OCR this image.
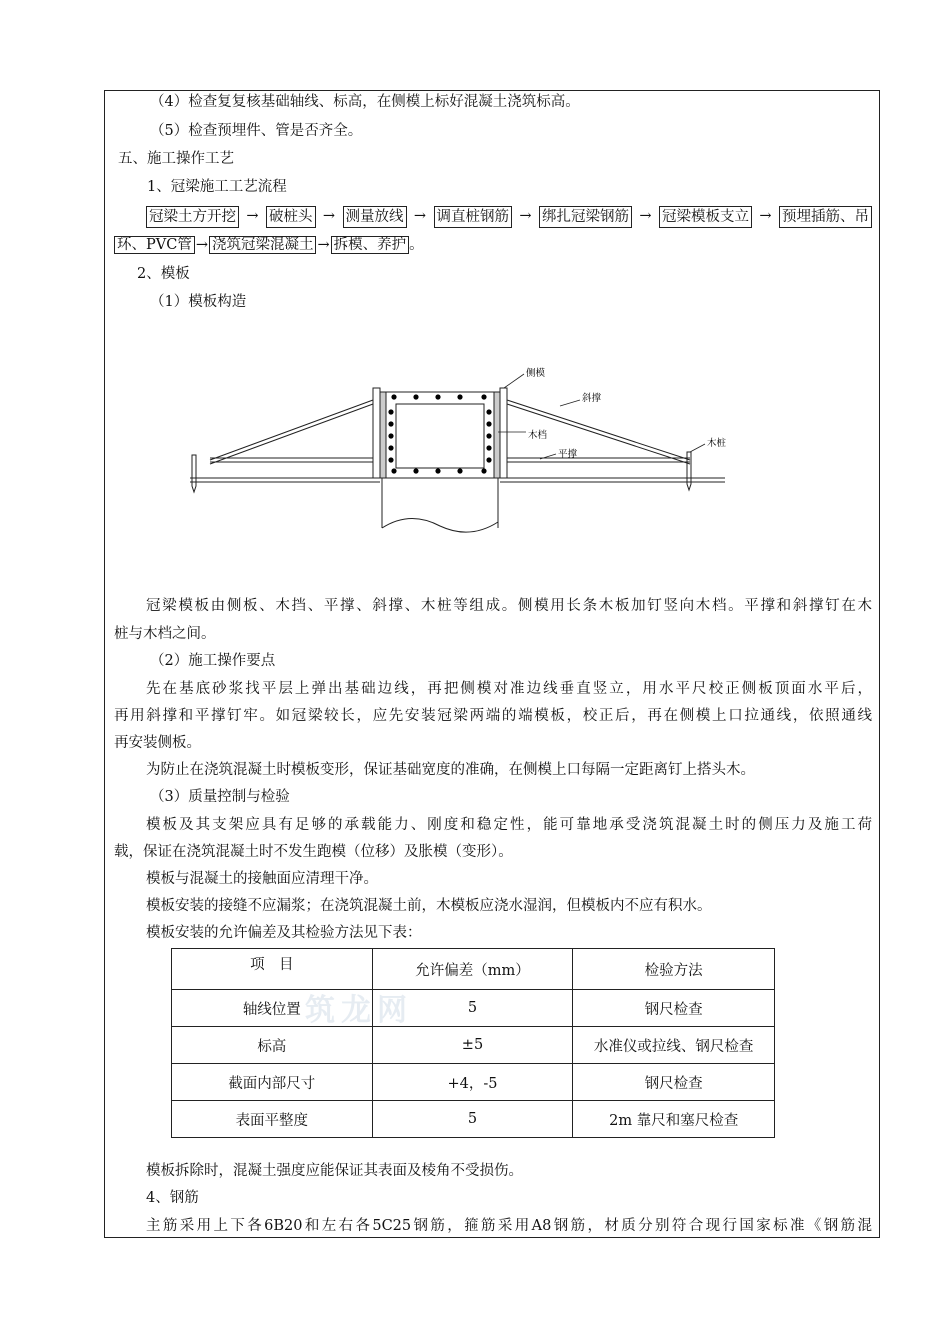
（4）检查复复核基础轴线、标高，在侧模上标好混凝土浇筑标高。
（5）检查预埋件、管是否齐全。
五、施工操作工艺
1、冠梁施工工艺流程
冠梁土方开挖 → 破桩头 → 测量放线 → 调直桩钢筋 → 绑扎冠梁钢筋 → 冠梁模板支立 → 预埋插筋、吊
环、PVC管 → 浇筑冠梁混凝土 → 拆模、养护 。
2、模板
（1）模板构造
侧模
斜撑
木档
平撑
木桩
冠梁模板由侧板、木挡、平撑、斜撑、木桩等组成。侧模用长条木板加钉竖向木档。平撑和斜撑钉在木
桩与木档之间。
（2）施工操作要点
先在基底砂浆找平层上弹出基础边线，再把侧模对准边线垂直竖立，用水平尺校正侧板顶面水平后，
再用斜撑和平撑钉牢。如冠梁较长，应先安装冠梁两端的端模板，校正后，再在侧模上口拉通线，依照通线
再安装侧板。
为防止在浇筑混凝土时模板变形，保证基础宽度的准确，在侧模上口每隔一定距离钉上搭头木。
（3）质量控制与检验
模板及其支架应具有足够的承载能力、刚度和稳定性，能可靠地承受浇筑混凝土时的侧压力及施工荷
载，保证在浇筑混凝土时不发生跑模（位移）及胀模（变形）。
模板与混凝土的接触面应清理干净。
模板安装的接缝不应漏浆；在浇筑混凝土前，木模板应浇水湿润，但模板内不应有积水。
模板安装的允许偏差及其检验方法见下表：
筑龙网
项　目	允许偏差（mm）	检验方法
轴线位置	5	钢尺检查
标高	±5	水准仪或拉线、钢尺检查
截面内部尺寸	+4，-5	钢尺检查
表面平整度	5	2m 靠尺和塞尺检查
模板拆除时，混凝土强度应能保证其表面及棱角不受损伤。
4、钢筋
主筋采用上下各6B20和左右各5C25钢筋，箍筋采用A8钢筋，材质分别符合现行国家标准《钢筋混
